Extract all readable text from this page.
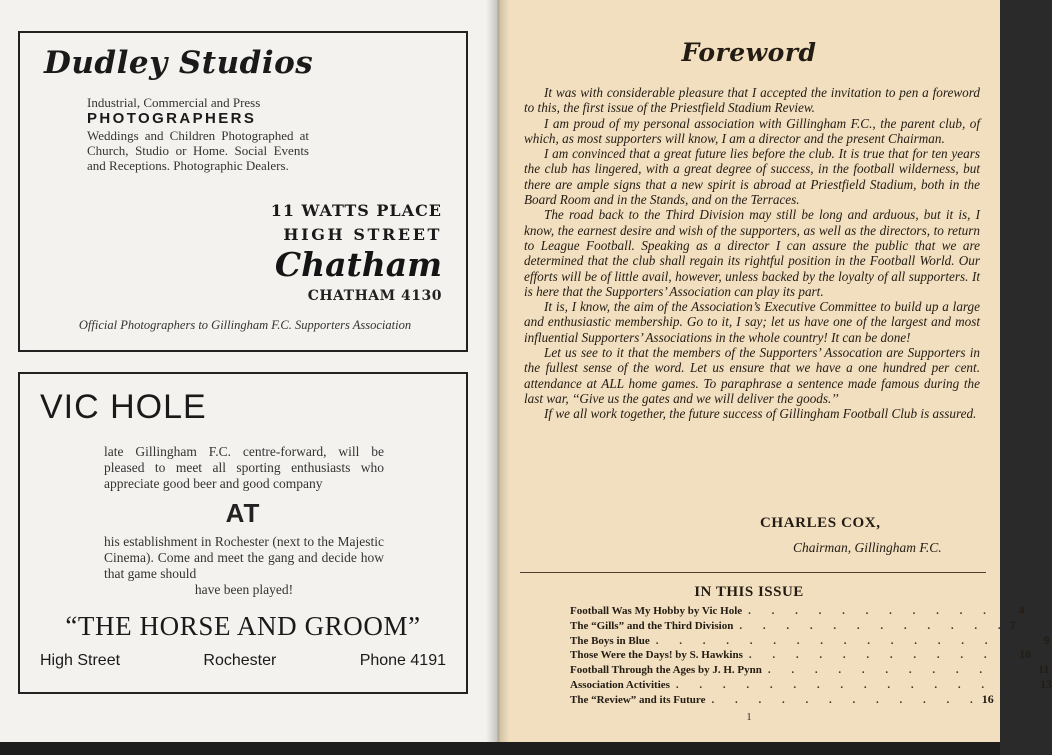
Dudley Studios
Industrial, Commercial and Press
PHOTOGRAPHERS
Weddings and Children Photographed at Church, Studio or Home. Social Events and Receptions. Photographic Dealers.
11 WATTS PLACE
HIGH STREET
Chatham
CHATHAM 4130
Official Photographers to Gillingham F.C. Supporters Association
VIC HOLE
late Gillingham F.C. centre-forward, will be pleased to meet all sporting enthusiasts who appreciate good beer and good company
AT
his establishment in Rochester (next to the Majestic Cinema). Come and meet the gang and decide how that game should
have been played!
“THE HORSE AND GROOM”
High Street	Rochester	Phone 4191
Foreword

It was with considerable pleasure that I accepted the invitation to pen a foreword to this, the first issue of the Priestfield Stadium Review.

I am proud of my personal association with Gillingham F.C., the parent club, of which, as most supporters will know, I am a director and the present Chairman.

I am convinced that a great future lies before the club. It is true that for ten years the club has lingered, with a great degree of success, in the football wilderness, but there are ample signs that a new spirit is abroad at Priestfield Stadium, both in the Board Room and in the Stands, and on the Terraces.

The road back to the Third Division may still be long and arduous, but it is, I know, the earnest desire and wish of the supporters, as well as the directors, to return to League Football. Speaking as a director I can assure the public that we are determined that the club shall regain its rightful position in the Football World. Our efforts will be of little avail, however, unless backed by the loyalty of all supporters. It is here that the Supporters’ Association can play its part.

It is, I know, the aim of the Association’s Executive Committee to build up a large and enthusiastic membership. Go to it, I say; let us have one of the largest and most influential Supporters’ Associations in the whole country! It can be done!

Let us see to it that the members of the Supporters’ Assocation are Supporters in the fullest sense of the word. Let us ensure that we have a one hundred per cent. attendance at ALL home games. To paraphrase a sentence made famous during the last war, ‘‘Give us the gates and we will deliver the goods.’’

If we all work together, the future success of Gillingham Football Club is assured.

CHARLES COX,
Chairman, Gillingham F.C.
IN THIS ISSUE
Football Was My Hobby by Vic Hole . . . . . . . . . . . . 4
The “Gills” and the Third Division . . . . . . . . . . . . 7
The Boys in Blue . . . . . . . . . . . . . . . . . 9
Those Were the Days! by S. Hawkins . . . . . . . . . . . . 10
Football Through the Ages by J. H. Pynn . . . . . . . . . . . . 11
Association Activities . . . . . . . . . . . . . . . . 13
The “Review” and its Future . . . . . . . . . . . . 16
1
